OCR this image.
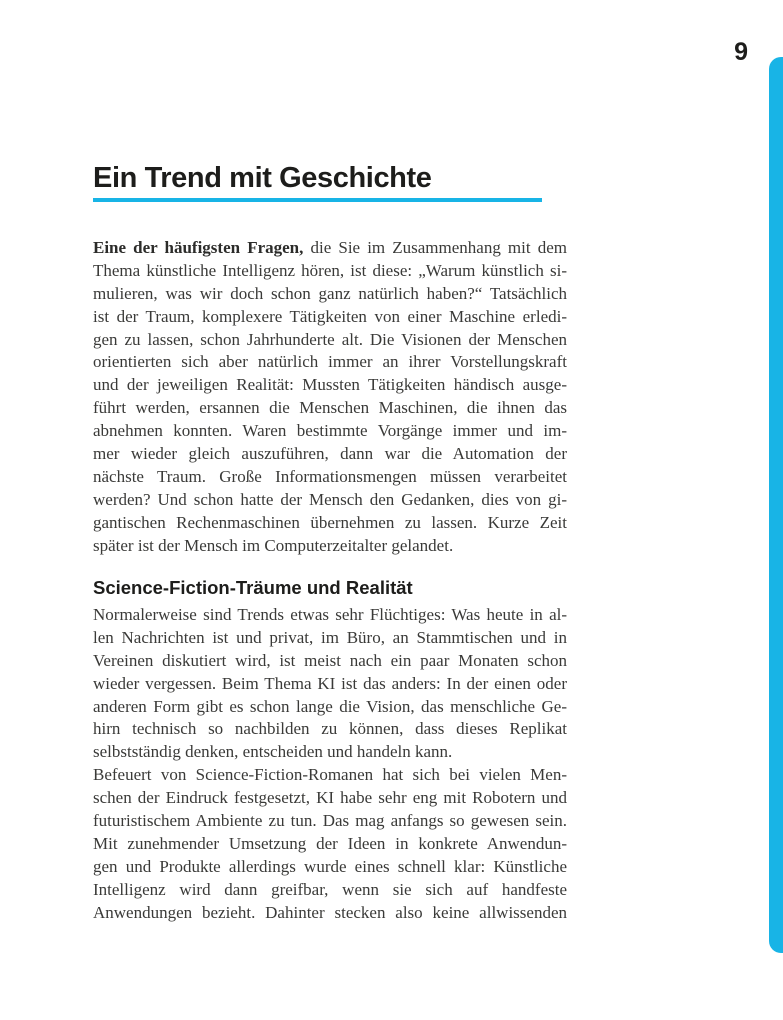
9
Ein Trend mit Geschichte
Eine der häufigsten Fragen, die Sie im Zusammenhang mit dem
Thema künstliche Intelligenz hören, ist diese: „Warum künstlich si-
mulieren, was wir doch schon ganz natürlich haben?“ Tatsächlich
ist der Traum, komplexere Tätigkeiten von einer Maschine erledi-
gen zu lassen, schon Jahrhunderte alt. Die Visionen der Menschen
orientierten sich aber natürlich immer an ihrer Vorstellungskraft
und der jeweiligen Realität: Mussten Tätigkeiten händisch ausge-
führt werden, ersannen die Menschen Maschinen, die ihnen das
abnehmen konnten. Waren bestimmte Vorgänge immer und im-
mer wieder gleich auszuführen, dann war die Automation der
nächste Traum. Große Informationsmengen müssen verarbeitet
werden? Und schon hatte der Mensch den Gedanken, dies von gi-
gantischen Rechenmaschinen übernehmen zu lassen. Kurze Zeit
später ist der Mensch im Computerzeitalter gelandet.
Science-Fiction-Träume und Realität
Normalerweise sind Trends etwas sehr Flüchtiges: Was heute in al-
len Nachrichten ist und privat, im Büro, an Stammtischen und in
Vereinen diskutiert wird, ist meist nach ein paar Monaten schon
wieder vergessen. Beim Thema KI ist das anders: In der einen oder
anderen Form gibt es schon lange die Vision, das menschliche Ge-
hirn technisch so nachbilden zu können, dass dieses Replikat
selbstständig denken, entscheiden und handeln kann.
Befeuert von Science-Fiction-Romanen hat sich bei vielen Men-
schen der Eindruck festgesetzt, KI habe sehr eng mit Robotern und
futuristischem Ambiente zu tun. Das mag anfangs so gewesen sein.
Mit zunehmender Umsetzung der Ideen in konkrete Anwendun-
gen und Produkte allerdings wurde eines schnell klar: Künstliche
Intelligenz wird dann greifbar, wenn sie sich auf handfeste
Anwendungen bezieht. Dahinter stecken also keine allwissenden
